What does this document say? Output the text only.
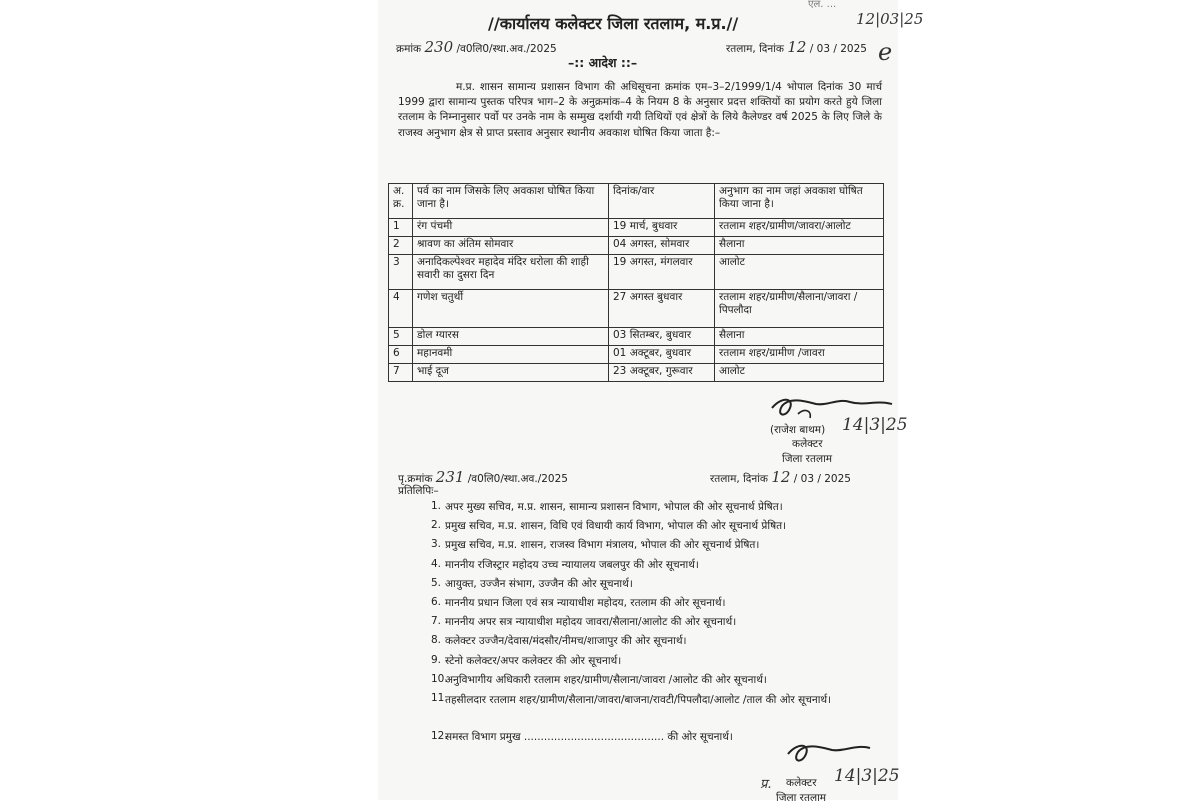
एल. ...
12|03|25
e
//कार्यालय कलेक्टर जिला रतलाम, म.प्र.//
क्रमांक 230 /व0लि0/स्था.अव./2025	रतलाम, दिनांक 12 / 03 / 2025
–:: आदेश ::–

म.प्र. शासन सामान्य प्रशासन विभाग की अधिसूचना क्रमांक एम–3–2/1999/1/4 भोपाल दिनांक 30 मार्च 1999 द्वारा सामान्य पुस्तक परिपत्र भाग–2 के अनुक्रमांक–4 के नियम 8 के अनुसार प्रदत्त शक्तियों का प्रयोग करते हुये जिला रतलाम के निम्नानुसार पर्वो पर उनके नाम के सम्मुख दर्शायी गयी तिथियों एवं क्षेत्रों के लिये कैलेण्डर वर्ष 2025 के लिए जिले के राजस्व अनुभाग क्षेत्र से प्राप्त प्रस्ताव अनुसार स्थानीय अवकाश घोषित किया जाता है:–

अ. क्र.	पर्व का नाम जिसके लिए अवकाश घोषित किया जाना है।	दिनांक/वार	अनुभाग का नाम जहां अवकाश घोषित किया जाना है।
1	रंग पंचमी	19 मार्च, बुधवार	रतलाम शहर/ग्रामीण/जावरा/आलोट
2	श्रावण का अंतिम सोमवार	04 अगस्त, सोमवार	सैलाना
3	अनादिकल्पेश्वर महादेव मंदिर धरोला की शाही सवारी का दुसरा दिन	19 अगस्त, मंगलवार	आलोट
4	गणेश चतुर्थी	27 अगस्त बुधवार	रतलाम शहर/ग्रामीण/सैलाना/जावरा /पिपलौदा
5	डोल ग्यारस	03 सितम्बर, बुधवार	सैलाना
6	महानवमी	01 अक्टूबर, बुधवार	रतलाम शहर/ग्रामीण /जावरा
7	भाई दूज	23 अक्टूबर, गुरूवार	आलोट
(राजेश बाथम) 14|3|25
कलेक्टर
जिला रतलाम
पृ.क्रमांक 231 /व0लि0/स्था.अव./2025	रतलाम, दिनांक 12 / 03 / 2025
प्रतिलिपिः–
1. अपर मुख्य सचिव, म.प्र. शासन, सामान्य प्रशासन विभाग, भोपाल की ओर सूचनार्थ प्रेषित।
2. प्रमुख सचिव, म.प्र. शासन, विधि एवं विधायी कार्य विभाग, भोपाल की ओर सूचनार्थ प्रेषित।
3. प्रमुख सचिव, म.प्र. शासन, राजस्व विभाग मंत्रालय, भोपाल की ओर सूचनार्थ प्रेषित।
4. माननीय रजिस्ट्रार महोदय उच्च न्यायालय जबलपुर की ओर सूचनार्थ।
5. आयुक्त, उज्जैन संभाग, उज्जैन की ओर सूचनार्थ।
6. माननीय प्रधान जिला एवं सत्र न्यायाधीश महोदय, रतलाम की ओर सूचनार्थ।
7. माननीय अपर सत्र न्यायाधीश महोदय जावरा/सैलाना/आलोट की ओर सूचनार्थ।
8. कलेक्टर उज्जैन/देवास/मंदसौर/नीमच/शाजापुर की ओर सूचनार्थ।
9. स्टेनो कलेक्टर/अपर कलेक्टर की ओर सूचनार्थ।
10.
अनुविभागीय अधिकारी रतलाम शहर/ग्रामीण/सैलाना/जावरा /आलोट की ओर सूचनार्थ।
11.
तहसीलदार रतलाम शहर/ग्रामीण/सैलाना/जावरा/बाजना/रावटी/पिपलौदा/आलोट /ताल की ओर सूचनार्थ।
12.
समस्त विभाग प्रमुख .......................................... की ओर सूचनार्थ।
प्र. कलेक्टर 14|3|25
जिला रतलाम
